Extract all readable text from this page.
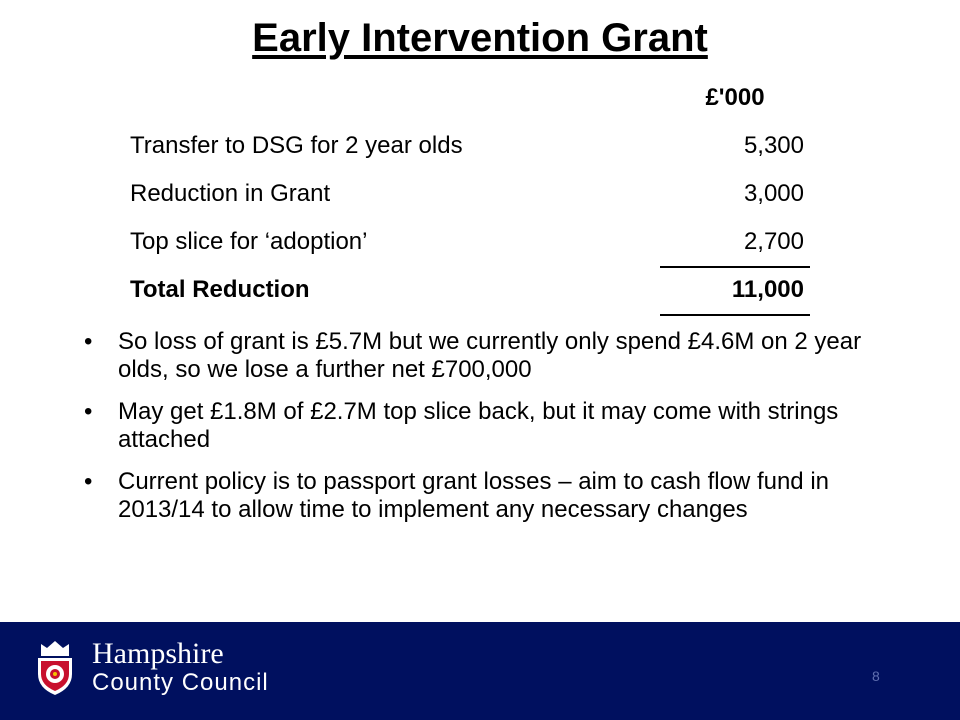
Early Intervention Grant
£'000
Transfer to DSG for 2 year olds	5,300
Reduction in Grant	3,000
Top slice for ‘adoption’	2,700
Total Reduction	11,000
• So loss of grant is £5.7M but we currently only spend £4.6M on 2 year olds, so we lose a further net £700,000
• May get £1.8M of £2.7M top slice back, but it may come with strings attached
• Current policy is to passport grant losses – aim to cash flow fund in 2013/14 to allow time to implement any necessary changes
Hampshire
County Council	8
